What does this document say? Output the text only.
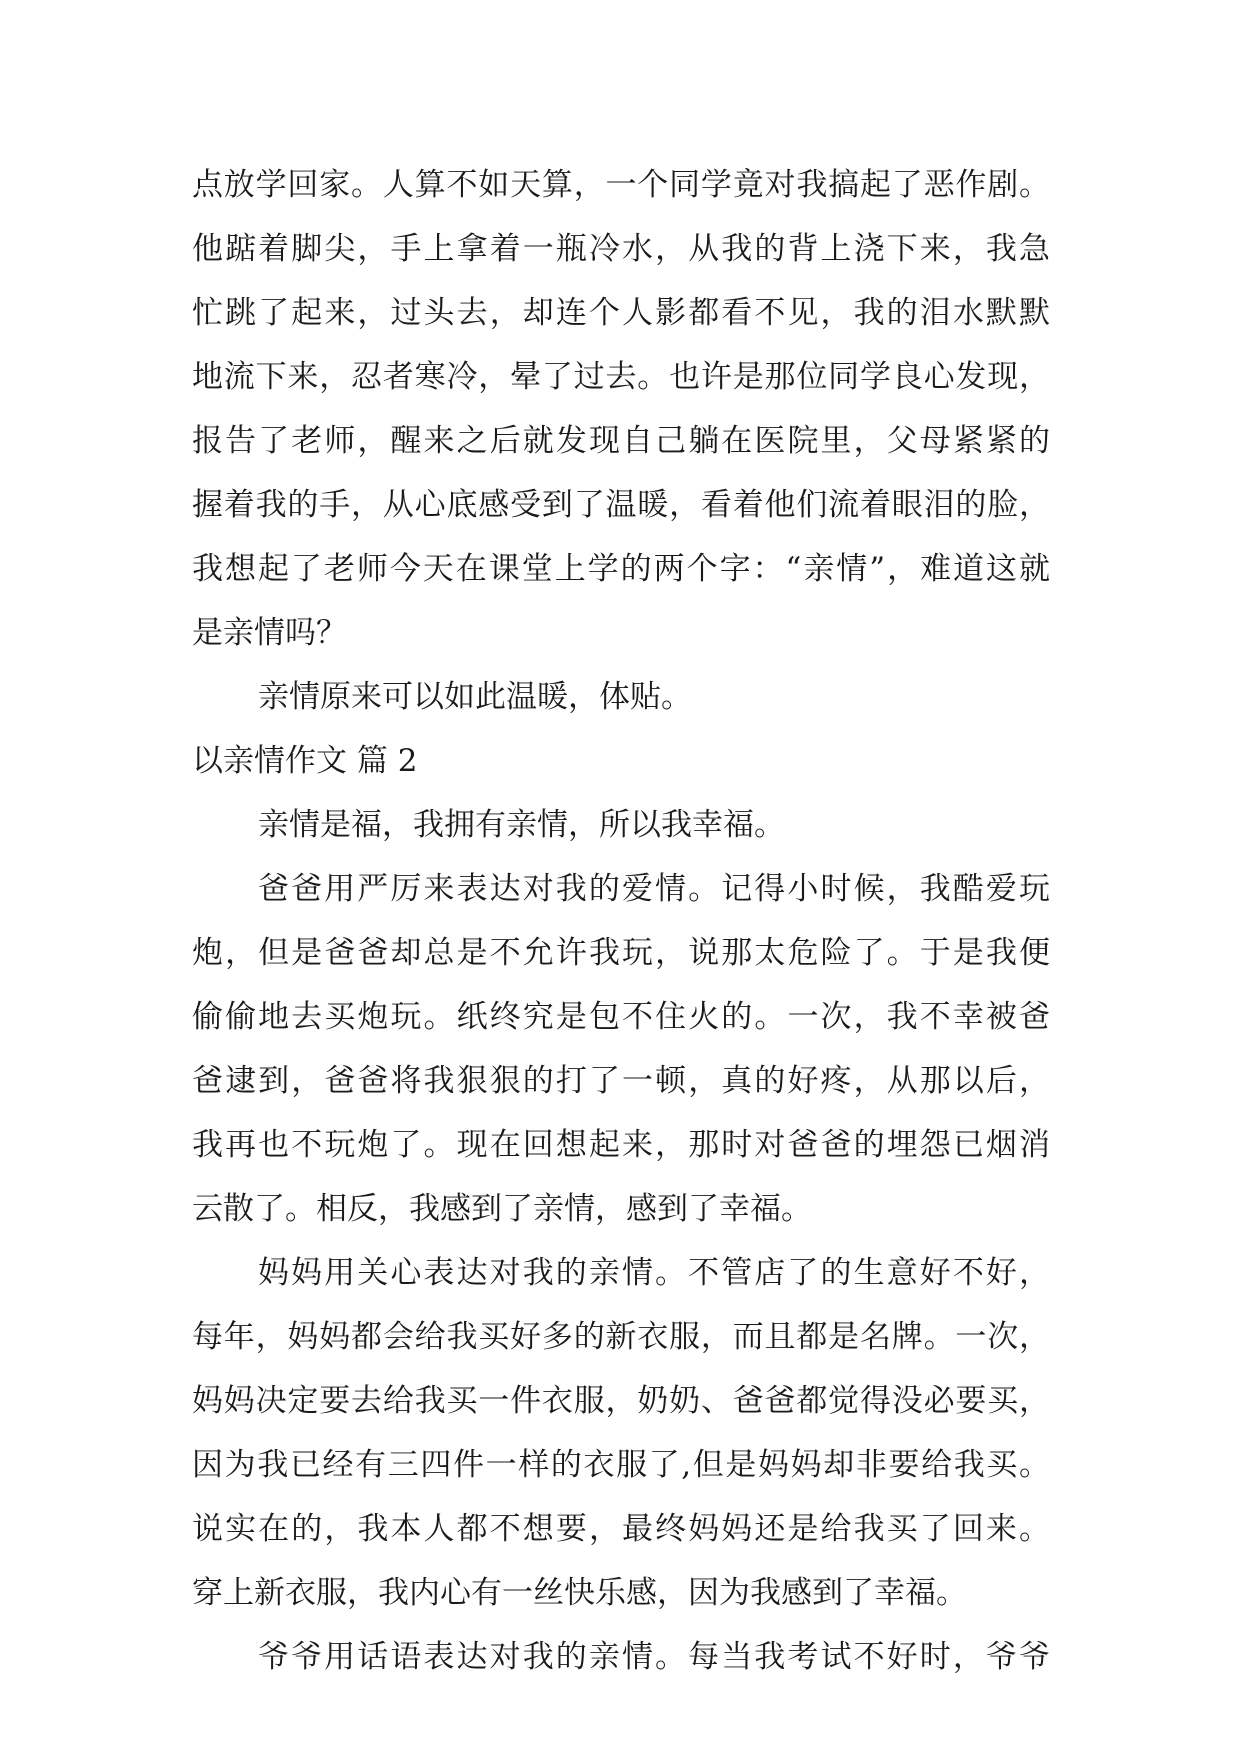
点放学回家。人算不如天算，一个同学竟对我搞起了恶作剧。
他踮着脚尖，手上拿着一瓶冷水，从我的背上浇下来，我急
忙跳了起来，过头去，却连个人影都看不见，我的泪水默默
地流下来，忍者寒冷，晕了过去。也许是那位同学良心发现，
报告了老师，醒来之后就发现自己躺在医院里，父母紧紧的
握着我的手，从心底感受到了温暖，看着他们流着眼泪的脸，
我想起了老师今天在课堂上学的两个字：“亲情”，难道这就
是亲情吗？
亲情原来可以如此温暖，体贴。
以亲情作文 篇 2
亲情是福，我拥有亲情，所以我幸福。
爸爸用严厉来表达对我的爱情。记得小时候，我酷爱玩
炮，但是爸爸却总是不允许我玩，说那太危险了。于是我便
偷偷地去买炮玩。纸终究是包不住火的。一次，我不幸被爸
爸逮到，爸爸将我狠狠的打了一顿，真的好疼，从那以后，
我再也不玩炮了。现在回想起来，那时对爸爸的埋怨已烟消
云散了。相反，我感到了亲情，感到了幸福。
妈妈用关心表达对我的亲情。不管店了的生意好不好，
每年，妈妈都会给我买好多的新衣服，而且都是名牌。一次，
妈妈决定要去给我买一件衣服，奶奶、爸爸都觉得没必要买，
因为我已经有三四件一样的衣服了,但是妈妈却非要给我买。
说实在的，我本人都不想要，最终妈妈还是给我买了回来。
穿上新衣服，我内心有一丝快乐感，因为我感到了幸福。
爷爷用话语表达对我的亲情。每当我考试不好时，爷爷
